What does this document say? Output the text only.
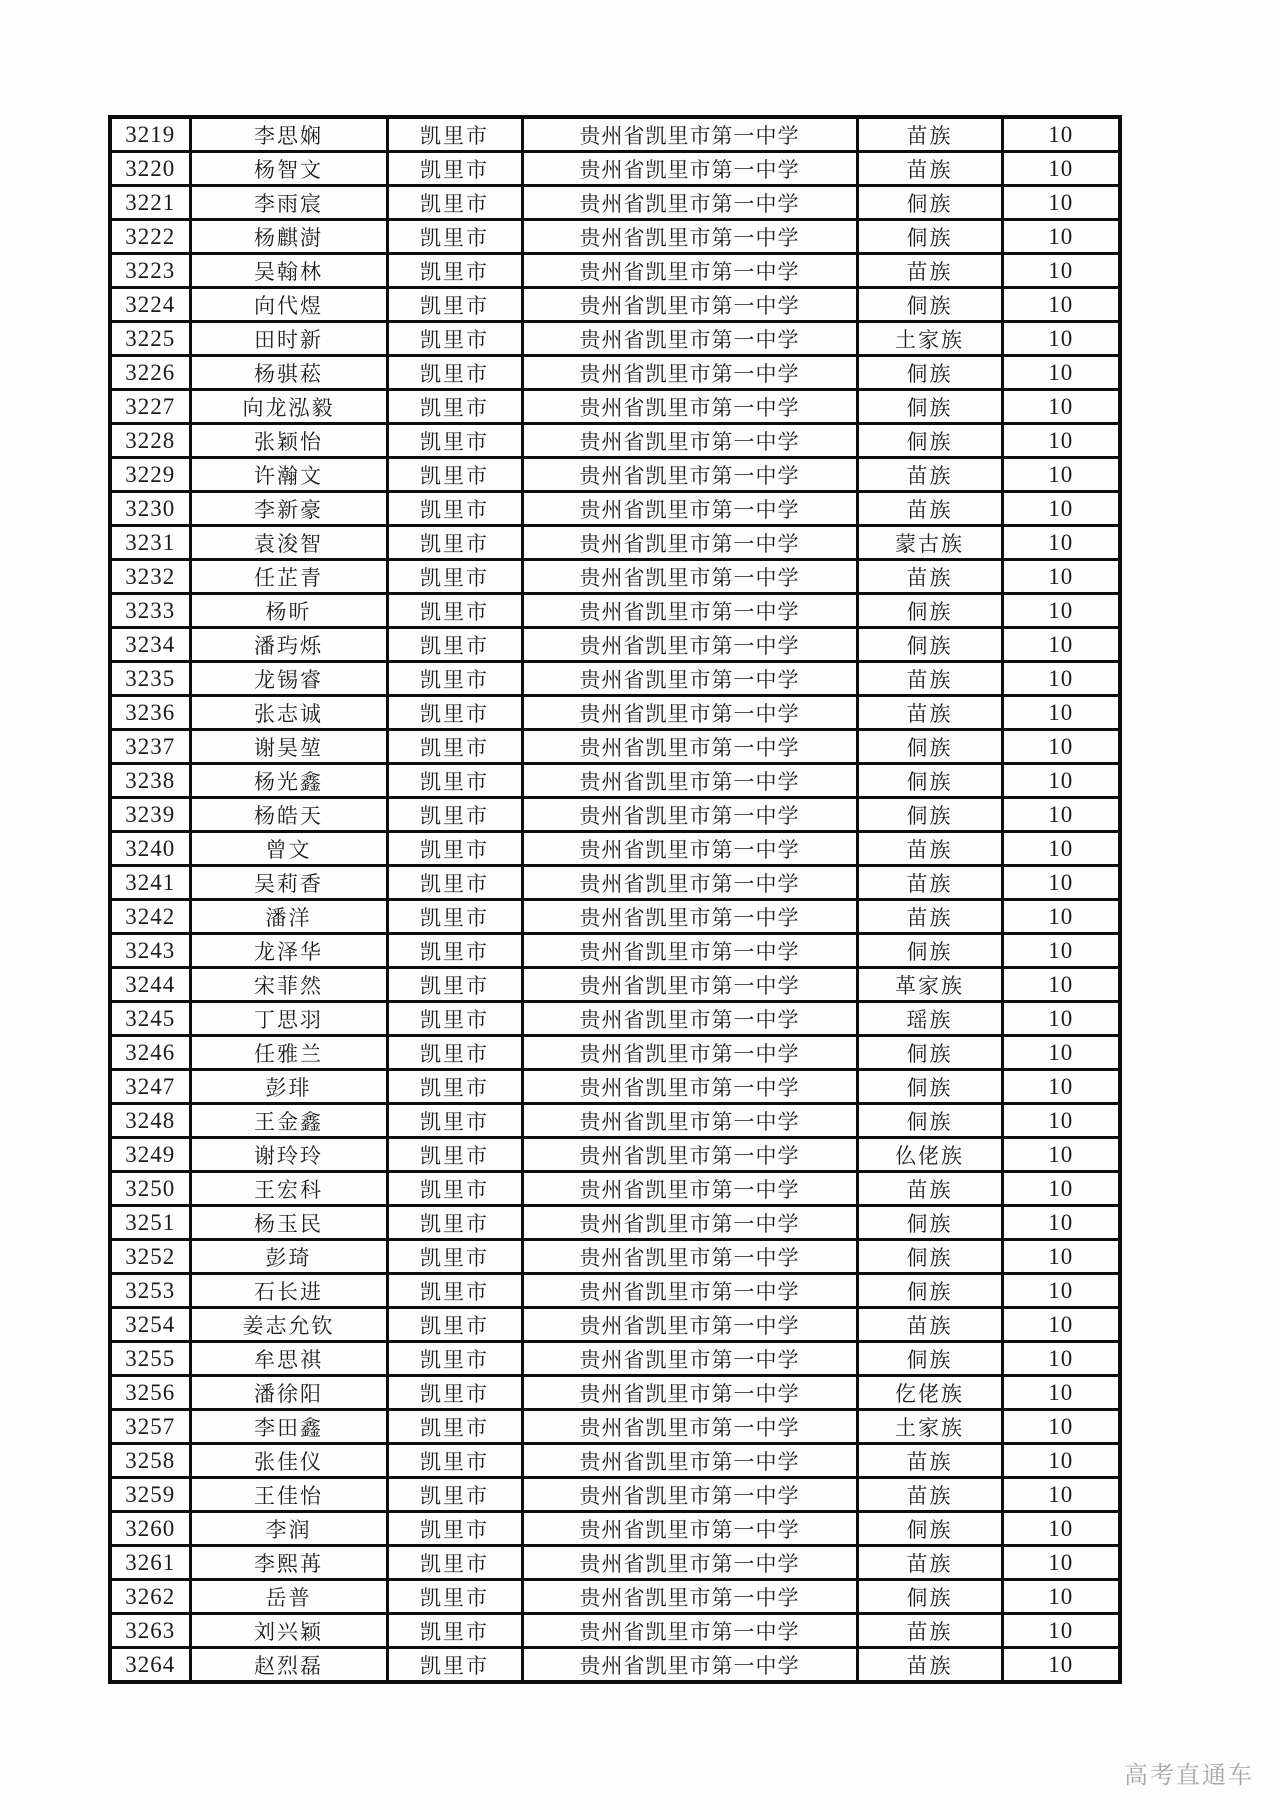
3219	李思娴	凯里市	贵州省凯里市第一中学	苗族	10
3220	杨智文	凯里市	贵州省凯里市第一中学	苗族	10
3221	李雨宸	凯里市	贵州省凯里市第一中学	侗族	10
3222	杨麒澍	凯里市	贵州省凯里市第一中学	侗族	10
3223	吴翰林	凯里市	贵州省凯里市第一中学	苗族	10
3224	向代煜	凯里市	贵州省凯里市第一中学	侗族	10
3225	田时新	凯里市	贵州省凯里市第一中学	土家族	10
3226	杨骐菘	凯里市	贵州省凯里市第一中学	侗族	10
3227	向龙泓毅	凯里市	贵州省凯里市第一中学	侗族	10
3228	张颖怡	凯里市	贵州省凯里市第一中学	侗族	10
3229	许瀚文	凯里市	贵州省凯里市第一中学	苗族	10
3230	李新豪	凯里市	贵州省凯里市第一中学	苗族	10
3231	袁浚智	凯里市	贵州省凯里市第一中学	蒙古族	10
3232	任芷青	凯里市	贵州省凯里市第一中学	苗族	10
3233	杨昕	凯里市	贵州省凯里市第一中学	侗族	10
3234	潘玙烁	凯里市	贵州省凯里市第一中学	侗族	10
3235	龙锡睿	凯里市	贵州省凯里市第一中学	苗族	10
3236	张志诚	凯里市	贵州省凯里市第一中学	苗族	10
3237	谢昊堃	凯里市	贵州省凯里市第一中学	侗族	10
3238	杨光鑫	凯里市	贵州省凯里市第一中学	侗族	10
3239	杨皓天	凯里市	贵州省凯里市第一中学	侗族	10
3240	曾文	凯里市	贵州省凯里市第一中学	苗族	10
3241	吴莉香	凯里市	贵州省凯里市第一中学	苗族	10
3242	潘洋	凯里市	贵州省凯里市第一中学	苗族	10
3243	龙泽华	凯里市	贵州省凯里市第一中学	侗族	10
3244	宋菲然	凯里市	贵州省凯里市第一中学	革家族	10
3245	丁思羽	凯里市	贵州省凯里市第一中学	瑶族	10
3246	任雅兰	凯里市	贵州省凯里市第一中学	侗族	10
3247	彭琲	凯里市	贵州省凯里市第一中学	侗族	10
3248	王金鑫	凯里市	贵州省凯里市第一中学	侗族	10
3249	谢玲玲	凯里市	贵州省凯里市第一中学	仫佬族	10
3250	王宏科	凯里市	贵州省凯里市第一中学	苗族	10
3251	杨玉民	凯里市	贵州省凯里市第一中学	侗族	10
3252	彭琦	凯里市	贵州省凯里市第一中学	侗族	10
3253	石长进	凯里市	贵州省凯里市第一中学	侗族	10
3254	姜志允钦	凯里市	贵州省凯里市第一中学	苗族	10
3255	牟思祺	凯里市	贵州省凯里市第一中学	侗族	10
3256	潘徐阳	凯里市	贵州省凯里市第一中学	仡佬族	10
3257	李田鑫	凯里市	贵州省凯里市第一中学	土家族	10
3258	张佳仪	凯里市	贵州省凯里市第一中学	苗族	10
3259	王佳怡	凯里市	贵州省凯里市第一中学	苗族	10
3260	李润	凯里市	贵州省凯里市第一中学	侗族	10
3261	李熙苒	凯里市	贵州省凯里市第一中学	苗族	10
3262	岳普	凯里市	贵州省凯里市第一中学	侗族	10
3263	刘兴颖	凯里市	贵州省凯里市第一中学	苗族	10
3264	赵烈磊	凯里市	贵州省凯里市第一中学	苗族	10
高考直通车
